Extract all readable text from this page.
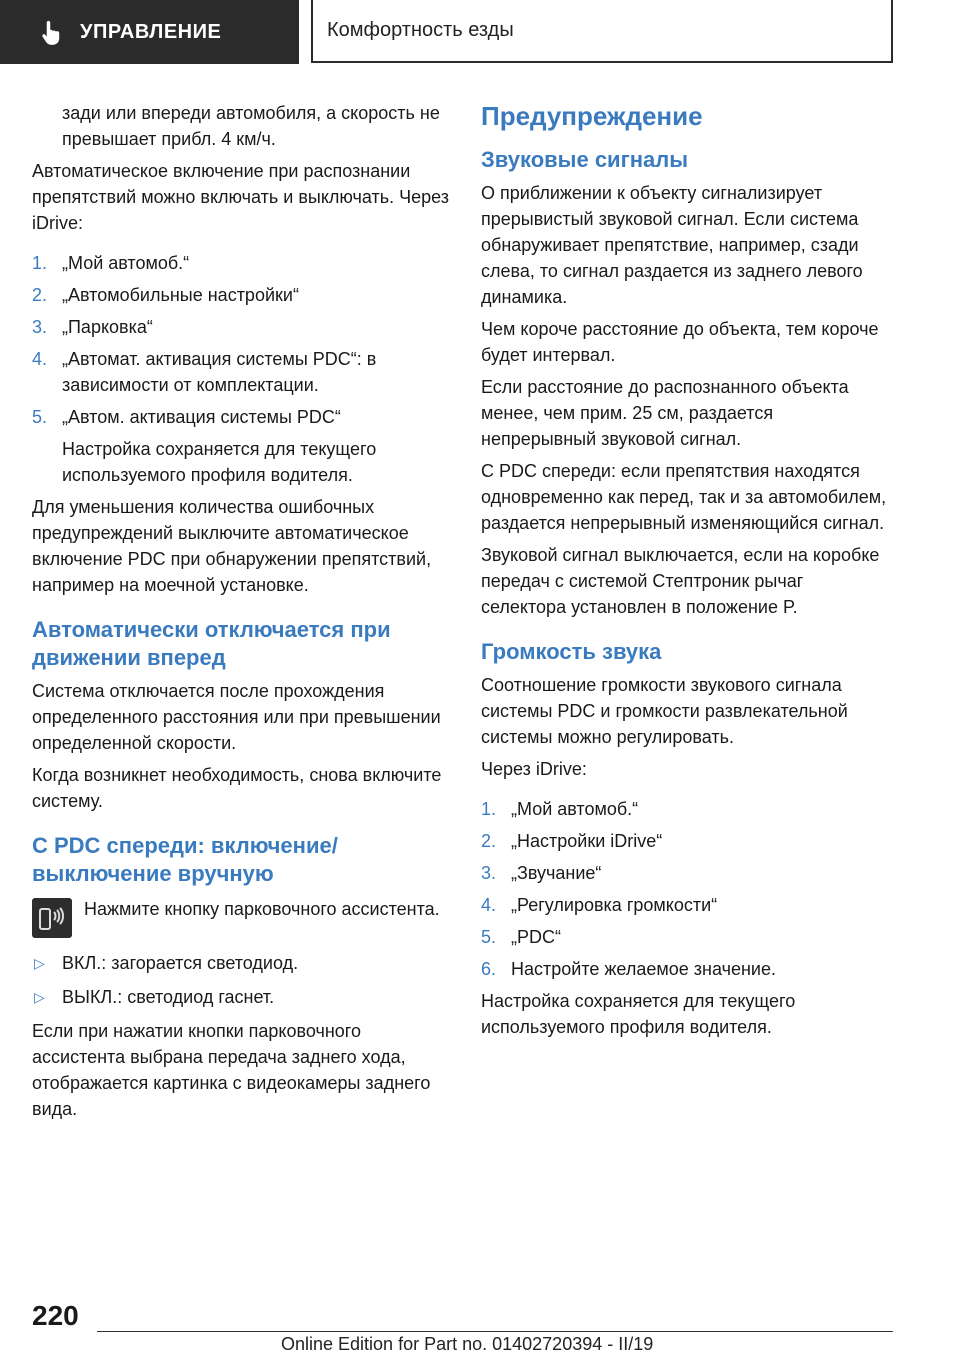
УПРАВЛЕНИЕ	Комфортность езды

зади или впереди автомобиля, а скорость не превышает прибл. 4 км/ч.

Автоматическое включение при распознании препятствий можно включать и выключать. Через iDrive:

1. „Мой автомоб.“
2. „Автомобильные настройки“
3. „Парковка“
4. „Автомат. активация системы PDC“: в зависимости от комплектации.
5. „Автом. активация системы PDC“

Настройка сохраняется для текущего используемого профиля водителя.

Для уменьшения количества ошибочных предупреждений выключите автоматическое включение PDC при обнаружении препятствий, например на моечной установке.

Автоматически отключается при движении вперед

Система отключается после прохождения определенного расстояния или при превышении определенной скорости.

Когда возникнет необходимость, снова включите систему.

С PDC спереди: включение/выключение вручную

Нажмите кнопку парковочного ассистента.

▷ ВКЛ.: загорается светодиод.
▷ ВЫКЛ.: светодиод гаснет.

Если при нажатии кнопки парковочного ассистента выбрана передача заднего хода, отображается картинка с видеокамеры заднего вида.

Предупреждение
Звуковые сигналы

О приближении к объекту сигнализирует прерывистый звуковой сигнал. Если система обнаруживает препятствие, например, сзади слева, то сигнал раздается из заднего левого динамика.

Чем короче расстояние до объекта, тем короче будет интервал.

Если расстояние до распознанного объекта менее, чем прим. 25 см, раздается непрерывный звуковой сигнал.

С PDC спереди: если препятствия находятся одновременно как перед, так и за автомобилем, раздается непрерывный изменяющийся сигнал.

Звуковой сигнал выключается, если на коробке передач с системой Стептроник рычаг селектора установлен в положение P.

Громкость звука

Соотношение громкости звукового сигнала системы PDC и громкости развлекательной системы можно регулировать.

Через iDrive:

1. „Мой автомоб.“
2. „Настройки iDrive“
3. „Звучание“
4. „Регулировка громкости“
5. „PDC“
6. Настройте желаемое значение.

Настройка сохраняется для текущего используемого профиля водителя.

220
Online Edition for Part no. 01402720394 - II/19
